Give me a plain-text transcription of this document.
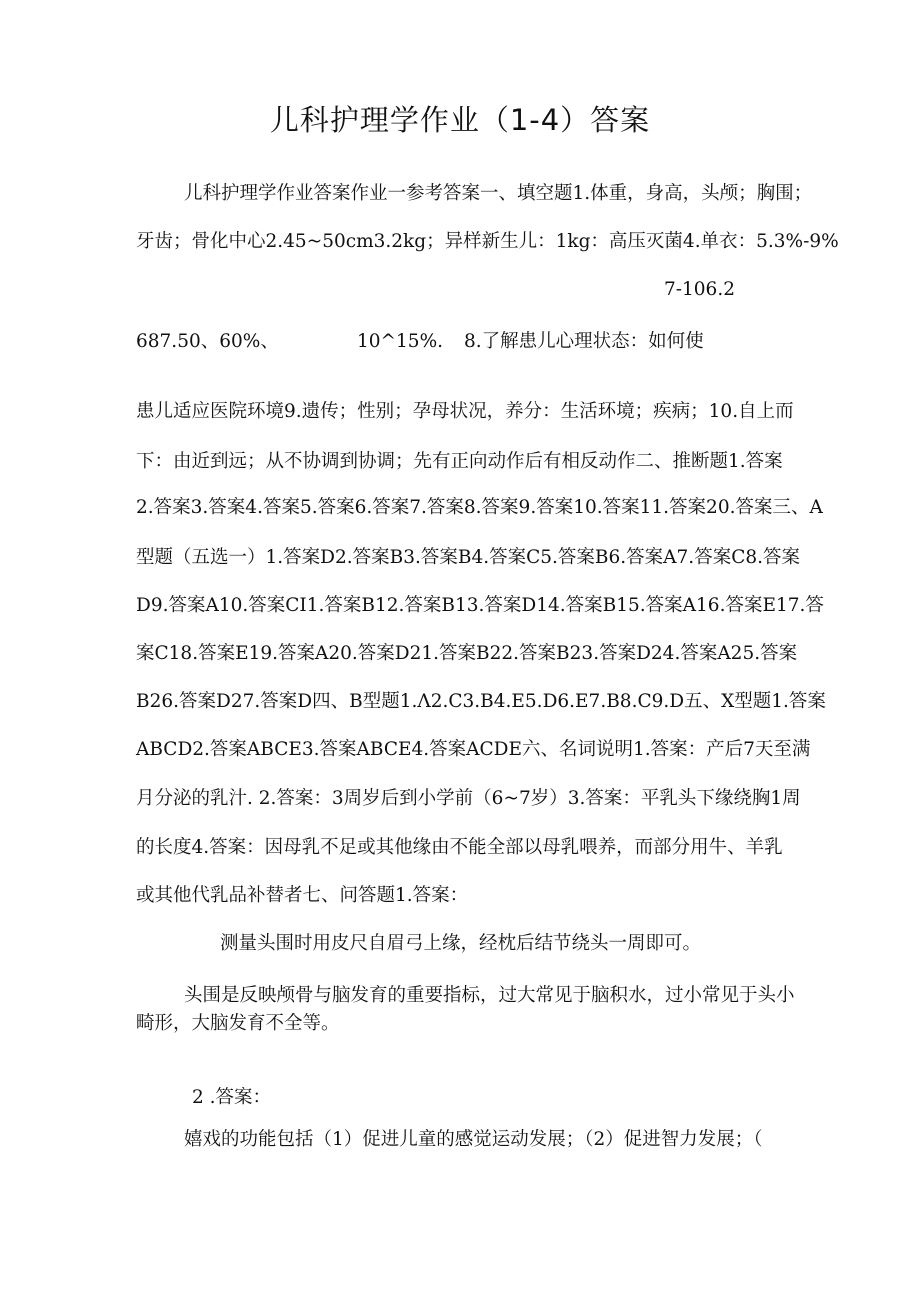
儿科护理学作业（1-4）答案
儿科护理学作业答案作业一参考答案一、填空题1.体重，身高，头颅；胸围；
牙齿；骨化中心2.45~50cm3.2kg；异样新生儿：1kg：高压灭菌4.单衣：5.3%-9%
7-106.2
687.50、60%、	10^15%. 8.了解患儿心理状态：如何使
患儿适应医院环境9.遗传；性别；孕母状况，养分：生活环境；疾病；10.自上而
下：由近到远；从不协调到协调；先有正向动作后有相反动作二、推断题1.答案
2.答案3.答案4.答案5.答案6.答案7.答案8.答案9.答案10.答案11.答案20.答案三、A
型题（五选一）1.答案D2.答案B3.答案B4.答案C5.答案B6.答案A7.答案C8.答案
D9.答案A10.答案CI1.答案B12.答案B13.答案D14.答案B15.答案A16.答案E17.答
案C18.答案E19.答案A20.答案D21.答案B22.答案B23.答案D24.答案A25.答案
B26.答案D27.答案D四、B型题1.Λ2.C3.B4.E5.D6.E7.B8.C9.D五、X型题1.答案
ABCD2.答案ABCE3.答案ABCE4.答案ACDE六、名词说明1.答案：产后7天至满
月分泌的乳汁. 2.答案：3周岁后到小学前（6~7岁）3.答案：平乳头下缘绕胸1周
的长度4.答案：因母乳不足或其他缘由不能全部以母乳喂养，而部分用牛、羊乳
或其他代乳品补替者七、问答题1.答案：
测量头围时用皮尺自眉弓上缘，经枕后结节绕头一周即可。
头围是反映颅骨与脑发育的重要指标，过大常见于脑积水，过小常见于头小
畸形，大脑发育不全等。
2 .答案：
嬉戏的功能包括（1）促进儿童的感觉运动发展；（2）促进智力发展；（
